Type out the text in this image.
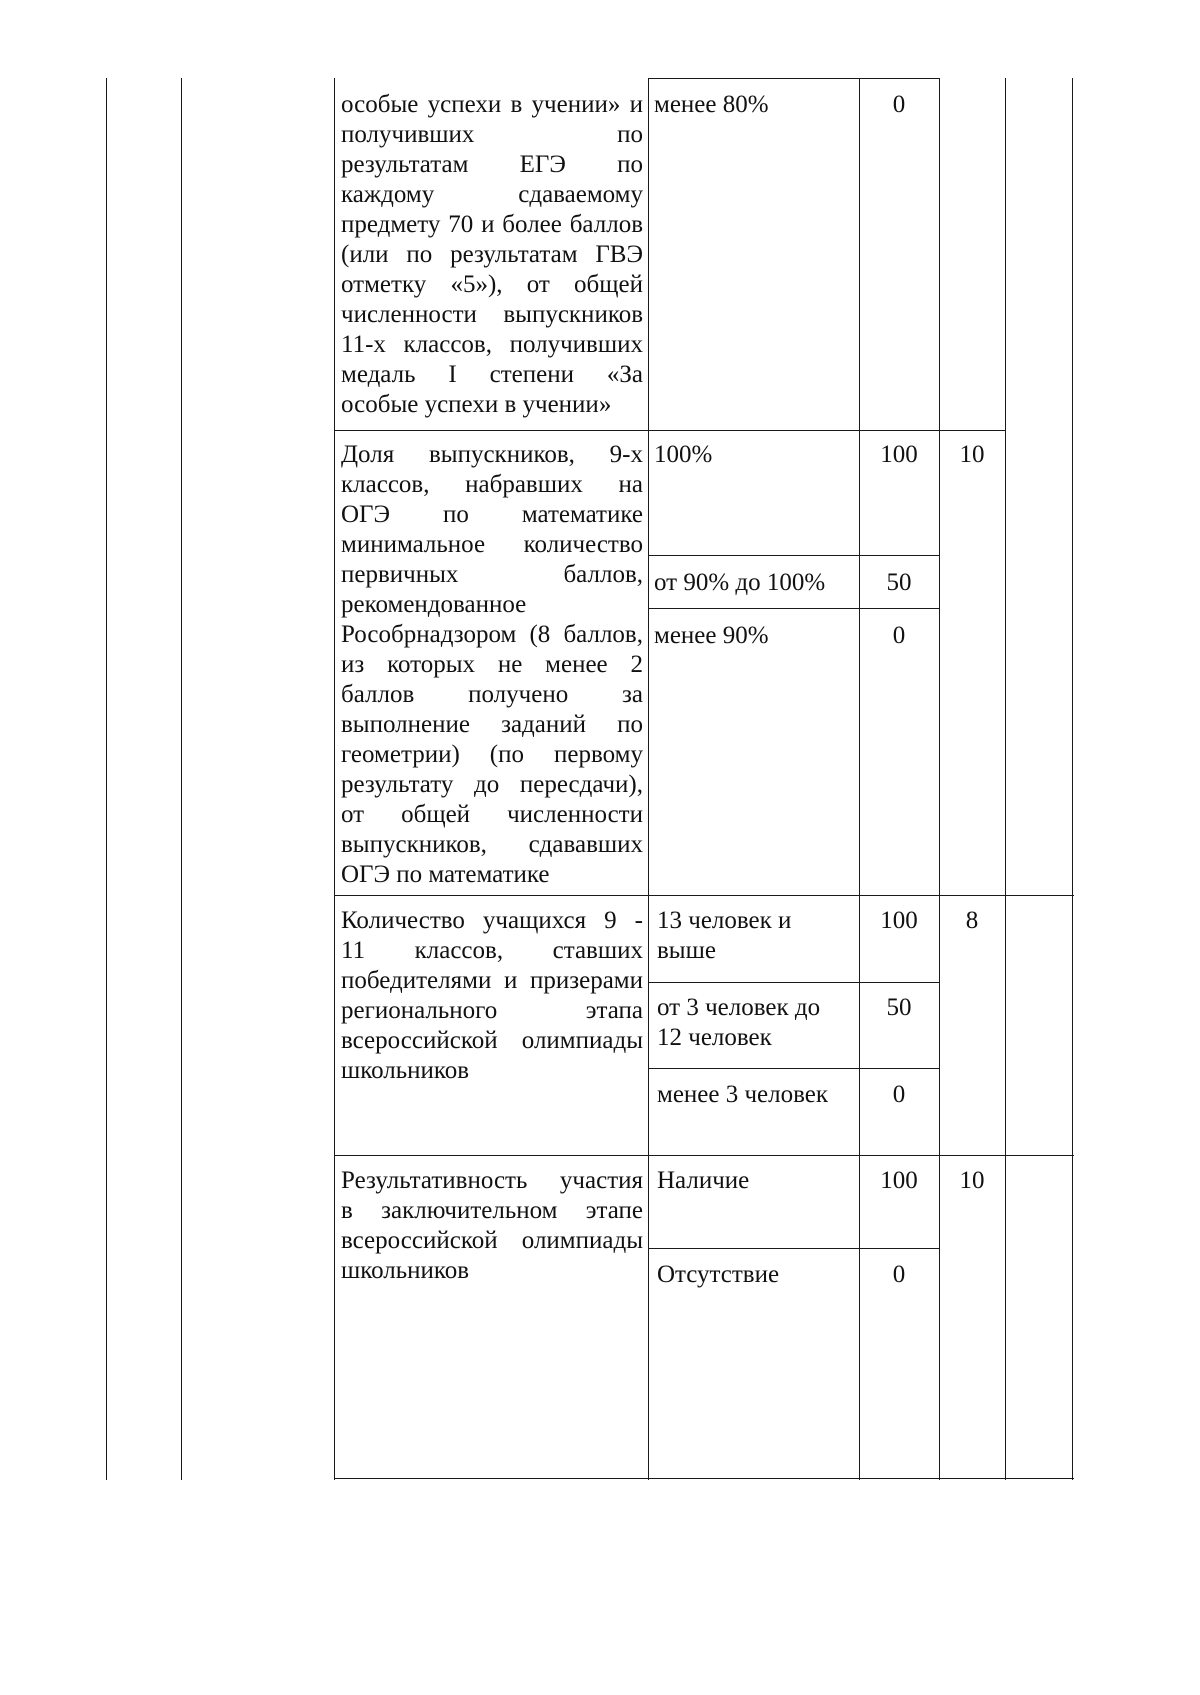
особые успехи в учении» и
получивших по
результатам ЕГЭ по
каждому сдаваемому
предмету 70 и более баллов
(или по результатам ГВЭ
отметку «5»), от общей
численности выпускников
11-х классов, получивших
медаль I степени «За
особые успехи в учении»
менее 80%	0
Доля выпускников, 9-х
классов, набравших на
ОГЭ по математике
минимальное количество
первичных баллов,
рекомендованное
Рособрнадзором (8 баллов,
из которых не менее 2
баллов получено за
выполнение заданий по
геометрии) (по первому
результату до пересдачи),
от общей численности
выпускников, сдававших
ОГЭ по математике
100%	100	10
от 90% до 100%	50
менее 90%	0
Количество учащихся 9 -
11 классов, ставших
победителями и призерами
регионального этапа
всероссийской олимпиады
школьников
13 человек и
выше
100	8
от 3 человек до
12 человек
50
менее 3 человек	0
Результативность участия
в заключительном этапе
всероссийской олимпиады
школьников
Наличие	100	10
Отсутствие	0
